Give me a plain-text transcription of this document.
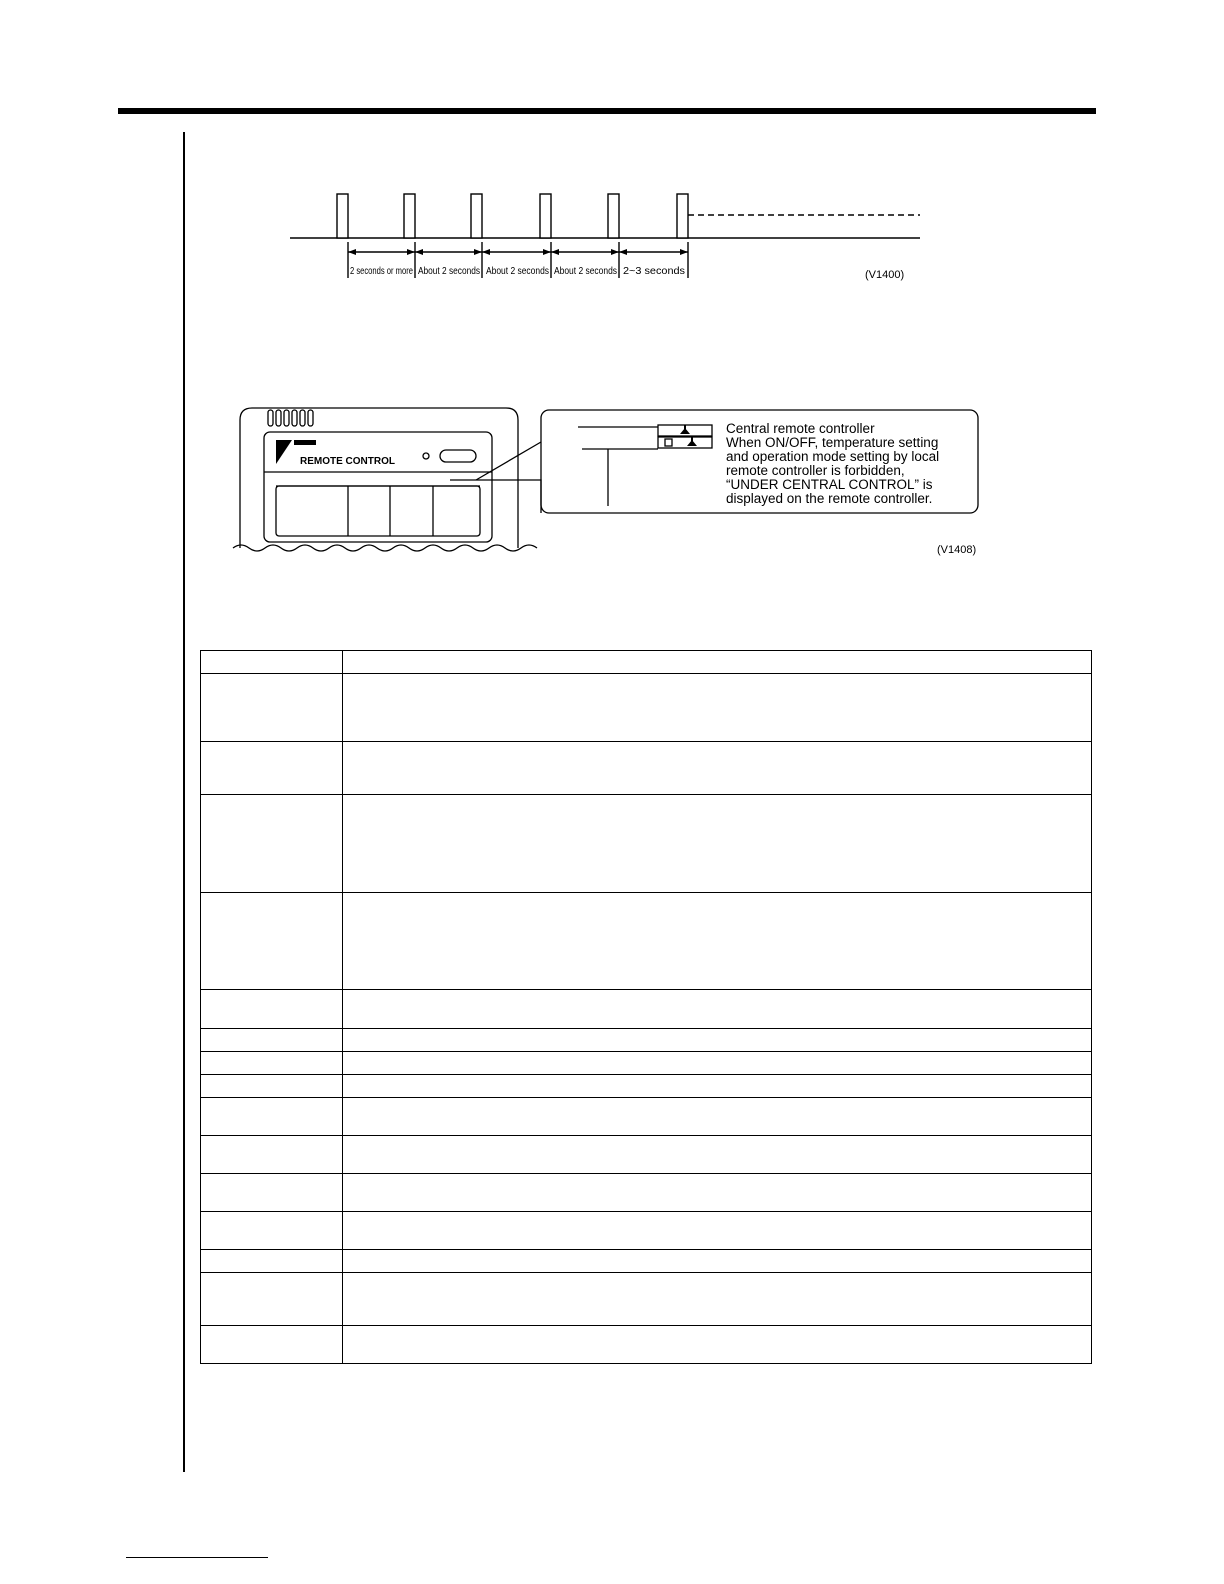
2 seconds or more About 2 seconds About 2 seconds About 2 seconds 2~3 seconds	(V1400)
REMOTE CONTROL
Central remote controller
When ON/OFF, temperature setting
and operation mode setting by local
remote controller is forbidden,
“UNDER CENTRAL CONTROL” is
displayed on the remote controller.
(V1408)
